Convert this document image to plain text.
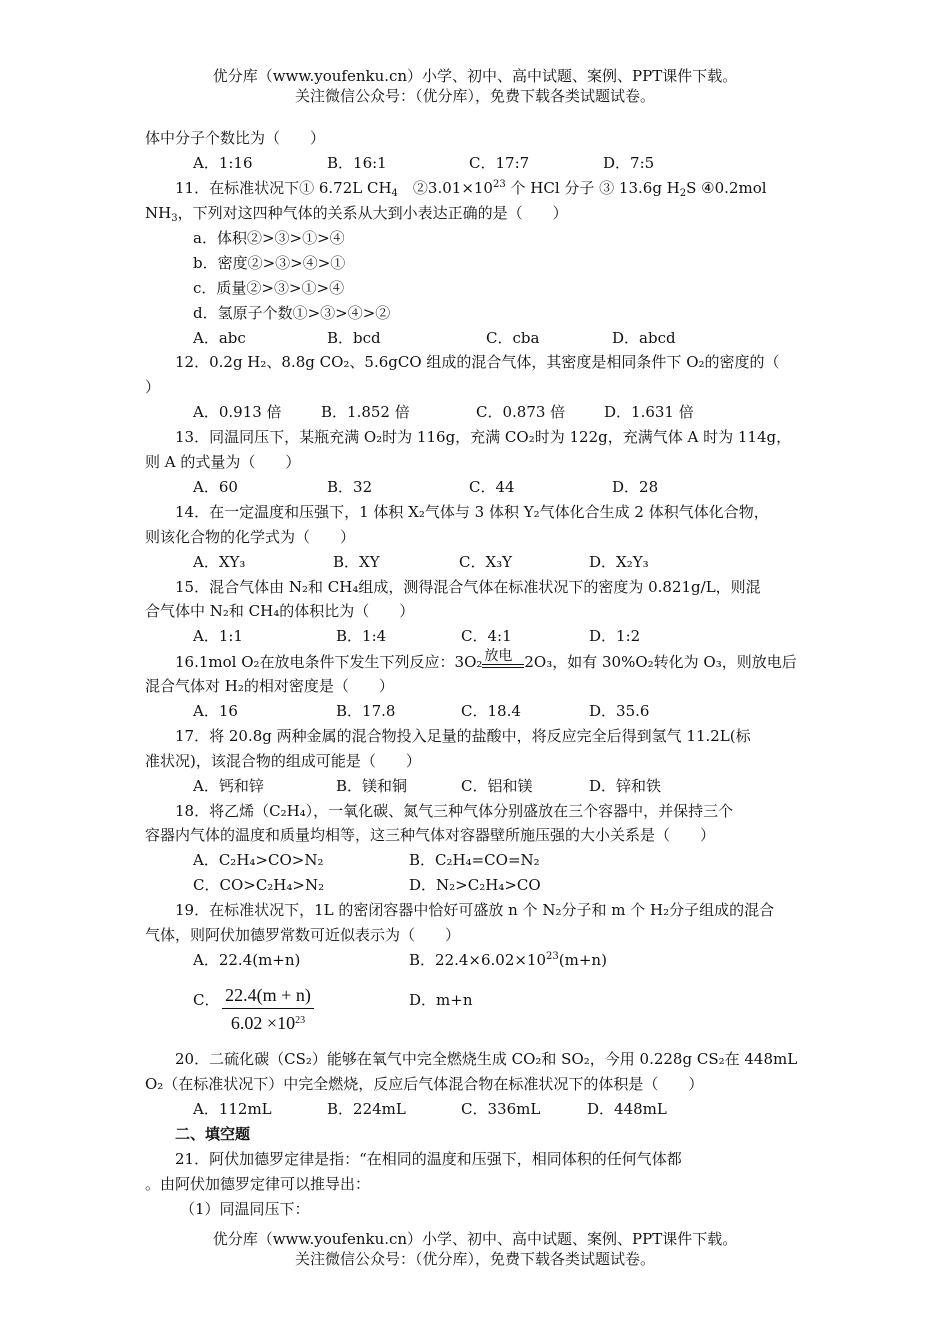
优分库（www.youfenku.cn）小学、初中、高中试题、案例、PPT课件下载。
关注微信公众号：（优分库），免费下载各类试题试卷。
体中分子个数比为（　　）
A．1:16	B．16:1	C．17:7	D．7:5
11．在标准状况下① 6.72L $CH_4$　$②3.01\times 10^{23}$ 个 HCl 分子 ③ 13.6g $H_2S$ ④0.2mol
$NH_3$，下列对这四种气体的关系从大到小表达正确的是（　　）
a．体积②>③>①>④
b．密度②>③>④>①
c．质量②>③>①>④
d．氢原子个数①>③>④>②
A．abc	B．bcd	C．cba	D．abcd
12．0.2g H₂、8.8g CO₂、5.6gCO 组成的混合气体，其密度是相同条件下 O₂的密度的（
）
A．0.913 倍	B．1.852 倍	C．0.873 倍	D．1.631 倍
13．同温同压下，某瓶充满 O₂时为 116g，充满 CO₂时为 122g，充满气体 A 时为 114g，
则 A 的式量为（　　）
A．60	B．32	C．44	D．28
14．在一定温度和压强下，1 体积 X₂气体与 3 体积 Y₂气体化合生成 2 体积气体化合物，
则该化合物的化学式为（　　）
A．XY₃	B．XY	C．X₃Y	D．X₂Y₃
15．混合气体由 N₂和 CH₄组成，测得混合气体在标准状况下的密度为 0.821g/L，则混
合气体中 N₂和 CH₄的体积比为（　　）
A．1:1	B．1:4	C．4:1	D．1:2
16.1mol O₂在放电条件下发生下列反应：3O₂ 放电 2O₃，如有 30%O₂转化为 O₃，则放电后
混合气体对 H₂的相对密度是（　　）
A．16	B．17.8	C．18.4	D．35.6
17．将 20.8g 两种金属的混合物投入足量的盐酸中，将反应完全后得到氢气 11.2L(标
准状况)，该混合物的组成可能是（　　）
A．钙和锌	B．镁和铜	C．铝和镁	D．锌和铁
18．将乙烯（C₂H₄），一氧化碳、氮气三种气体分别盛放在三个容器中，并保持三个
容器内气体的温度和质量均相等，这三种气体对容器壁所施压强的大小关系是（　　）
A．C₂H₄>CO>N₂	B．C₂H₄=CO=N₂
C．CO>C₂H₄>N₂	D．N₂>C₂H₄>CO
19．在标准状况下，1L 的密闭容器中恰好可盛放 n 个 N₂分子和 m 个 H₂分子组成的混合
气体，则阿伏加德罗常数可近似表示为（　　）
A．22.4(m+n)	B．$22.4\times 6.02\times 10^{23}(m+n)$
C． $\frac{22.4(m + n)}{6.02 \times 10^{23}}$	D．m+n
20．二硫化碳（CS₂）能够在氧气中完全燃烧生成 CO₂和 SO₂，今用 0.228g CS₂在 448mL
O₂（在标准状况下）中完全燃烧，反应后气体混合物在标准状况下的体积是（　　）
A．112mL	B．224mL	C．336mL	D．448mL
二、填空题
21．阿伏加德罗定律是指：“在相同的温度和压强下，相同体积的任何气体都
。由阿伏加德罗定律可以推导出：
（1）同温同压下：
优分库（www.youfenku.cn）小学、初中、高中试题、案例、PPT课件下载。
关注微信公众号：（优分库），免费下载各类试题试卷。
